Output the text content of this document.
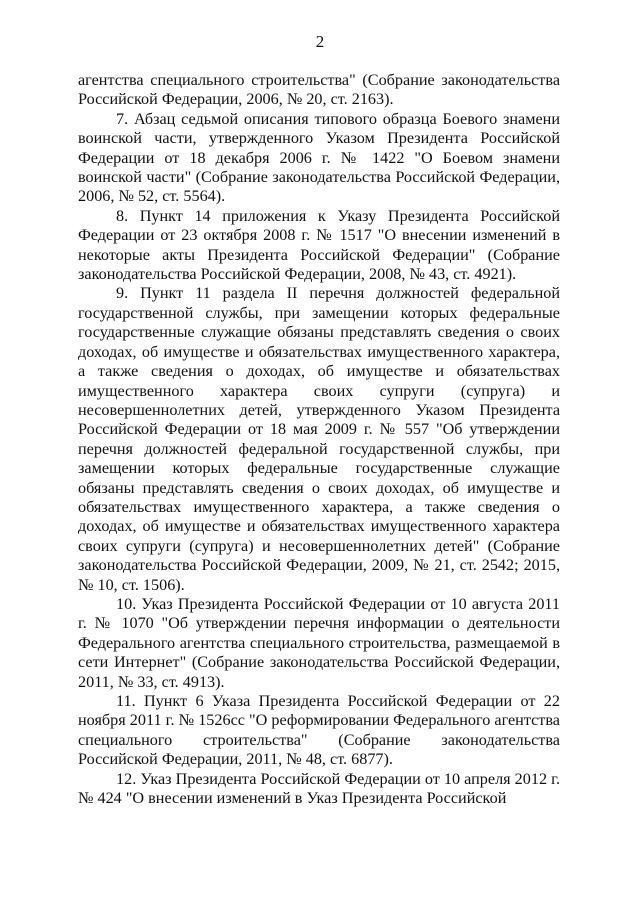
2

агентства специального строительства" (Собрание законодательства Российской Федерации, 2006, № 20, ст. 2163).

7. Абзац седьмой описания типового образца Боевого знамени воинской части, утвержденного Указом Президента Российской Федерации от 18 декабря 2006 г. № 1422 "О Боевом знамени воинской части" (Собрание законодательства Российской Федерации, 2006, № 52, ст. 5564).

8. Пункт 14 приложения к Указу Президента Российской Федерации от 23 октября 2008 г. № 1517 "О внесении изменений в некоторые акты Президента Российской Федерации" (Собрание законодательства Российской Федерации, 2008, № 43, ст. 4921).

9. Пункт 11 раздела II перечня должностей федеральной государственной службы, при замещении которых федеральные государственные служащие обязаны представлять сведения о своих доходах, об имуществе и обязательствах имущественного характера, а также сведения о доходах, об имуществе и обязательствах имущественного характера своих супруги (супруга) и несовершеннолетних детей, утвержденного Указом Президента Российской Федерации от 18 мая 2009 г. № 557 "Об утверждении перечня должностей федеральной государственной службы, при замещении которых федеральные государственные служащие обязаны представлять сведения о своих доходах, об имуществе и обязательствах имущественного характера, а также сведения о доходах, об имуществе и обязательствах имущественного характера своих супруги (супруга) и несовершеннолетних детей" (Собрание законодательства Российской Федерации, 2009, № 21, ст. 2542; 2015, № 10, ст. 1506).

10. Указ Президента Российской Федерации от 10 августа 2011 г. № 1070 "Об утверждении перечня информации о деятельности Федерального агентства специального строительства, размещаемой в сети Интернет" (Собрание законодательства Российской Федерации, 2011, № 33, ст. 4913).

11. Пункт 6 Указа Президента Российской Федерации от 22 ноября 2011 г. № 1526сс "О реформировании Федерального агентства специального строительства" (Собрание законодательства Российской Федерации, 2011, № 48, ст. 6877).

12. Указ Президента Российской Федерации от 10 апреля 2012 г. № 424 "О внесении изменений в Указ Президента Российской
